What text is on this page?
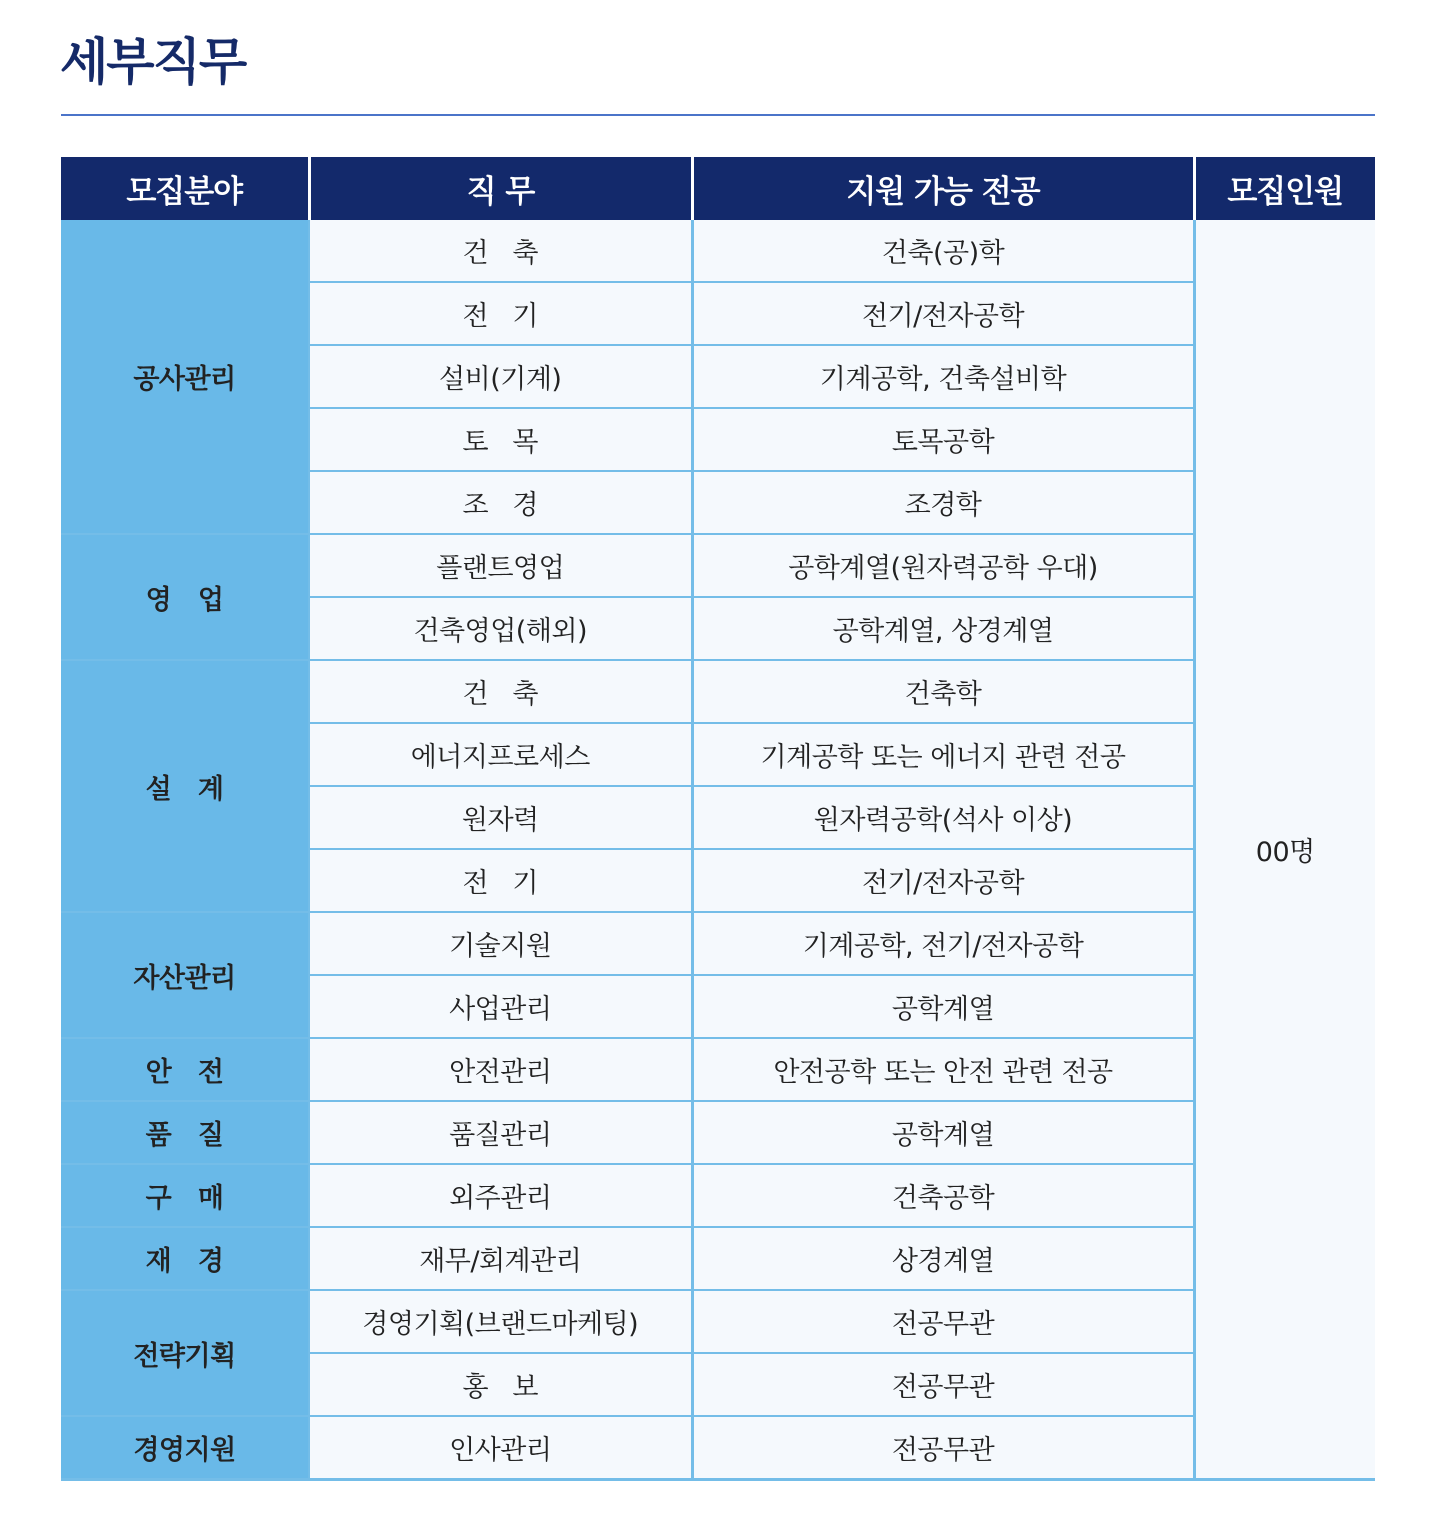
세부직무
모집분야	직 무	지원 가능 전공	모집인원
공사관리	건   축	건축(공)학	00명
	전   기	전기/전자공학	
	설비(기계)	기계공학, 건축설비학	
	토   목	토목공학	
	조   경	조경학	
영   업	플랜트영업	공학계열(원자력공학 우대)	
	건축영업(해외)	공학계열, 상경계열	
설   계	건   축	건축학	
	에너지프로세스	기계공학 또는 에너지 관련 전공	
	원자력	원자력공학(석사 이상)	
	전   기	전기/전자공학	
자산관리	기술지원	기계공학, 전기/전자공학	
	사업관리	공학계열	
안   전	안전관리	안전공학 또는 안전 관련 전공	
품   질	품질관리	공학계열	
구   매	외주관리	건축공학	
재   경	재무/회계관리	상경계열	
전략기획	경영기획(브랜드마케팅)	전공무관	
	홍   보	전공무관	
경영지원	인사관리	전공무관	
